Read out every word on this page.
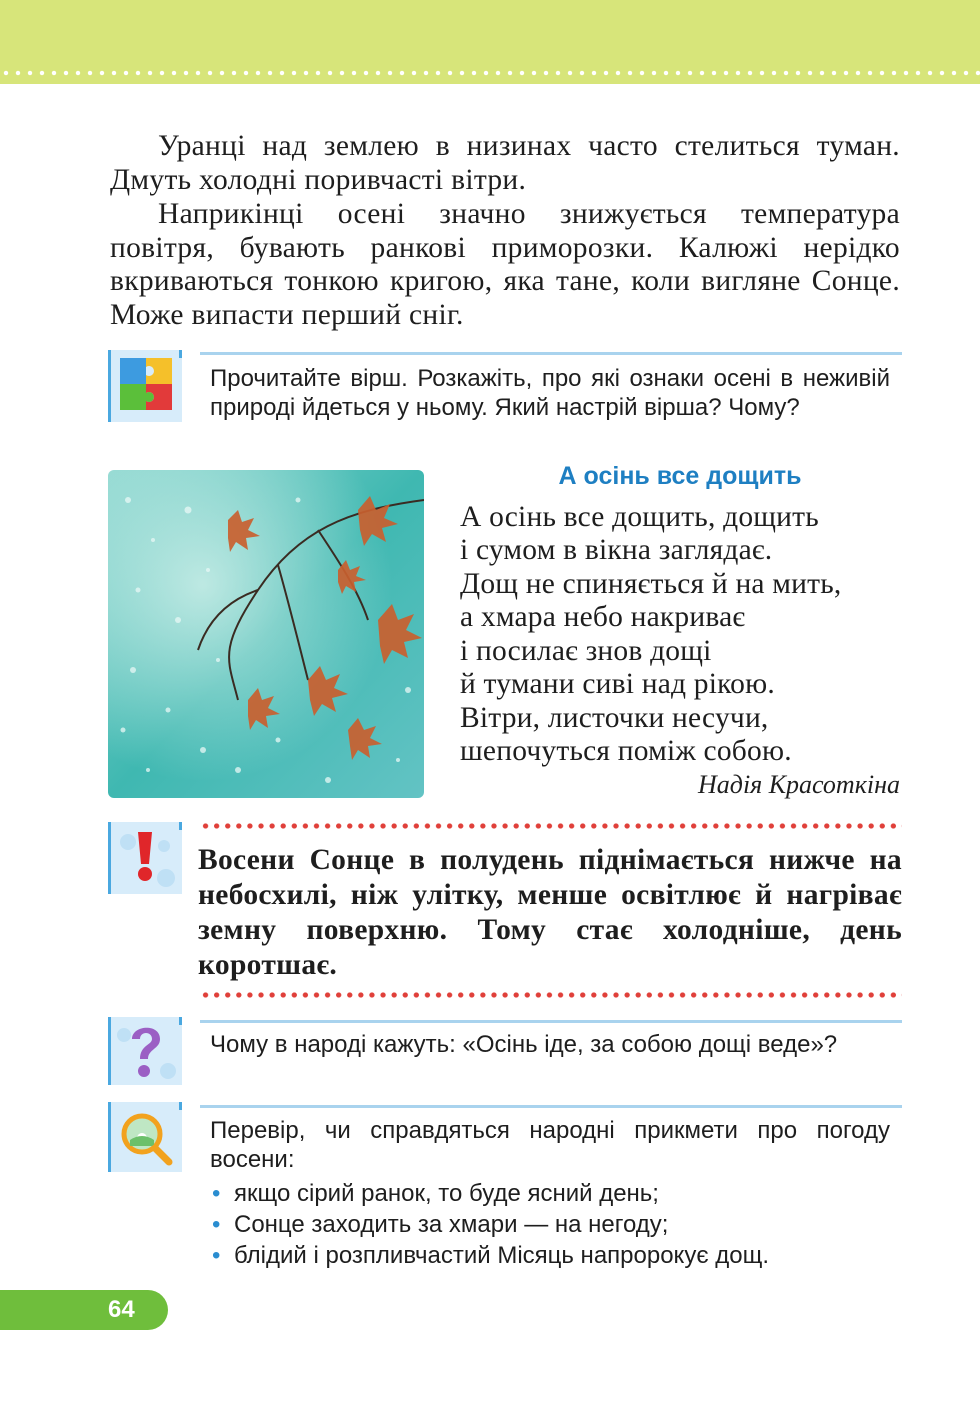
Уранці над землею в низинах часто стелиться туман. Дмуть холодні поривчасті вітри.

Наприкінці осені значно знижується температура повітря, бувають ранкові приморозки. Калюжі нерідко вкриваються тонкою кригою, яка тане, коли вигляне Сонце. Може випасти перший сніг.

Прочитайте вірш. Розкажіть, про які ознаки осені в неживій природі йдеться у ньому. Який настрій вірша? Чому?

А осінь все дощить

А осінь все дощить, дощить

і сумом в вікна заглядає.

Дощ не спиняється й на мить,

а хмара небо накриває

і посилає знов дощі

й тумани сиві над рікою.

Вітри, листочки несучи,

шепочуться поміж собою.

Надія Красоткіна

Восени Сонце в полудень піднімається нижче на небосхилі, ніж улітку, менше освітлює й нагріває земну поверхню. Тому стає холодніше, день коротшає.

Чому в народі кажуть: «Осінь іде, за собою дощі веде»?

Перевір, чи справдяться народні прикмети про погоду восени:

• якщо сірий ранок, то буде ясний день;
• Сонце заходить за хмари — на негоду;
• блідий і розпливчастий Місяць напророкує дощ.
64
